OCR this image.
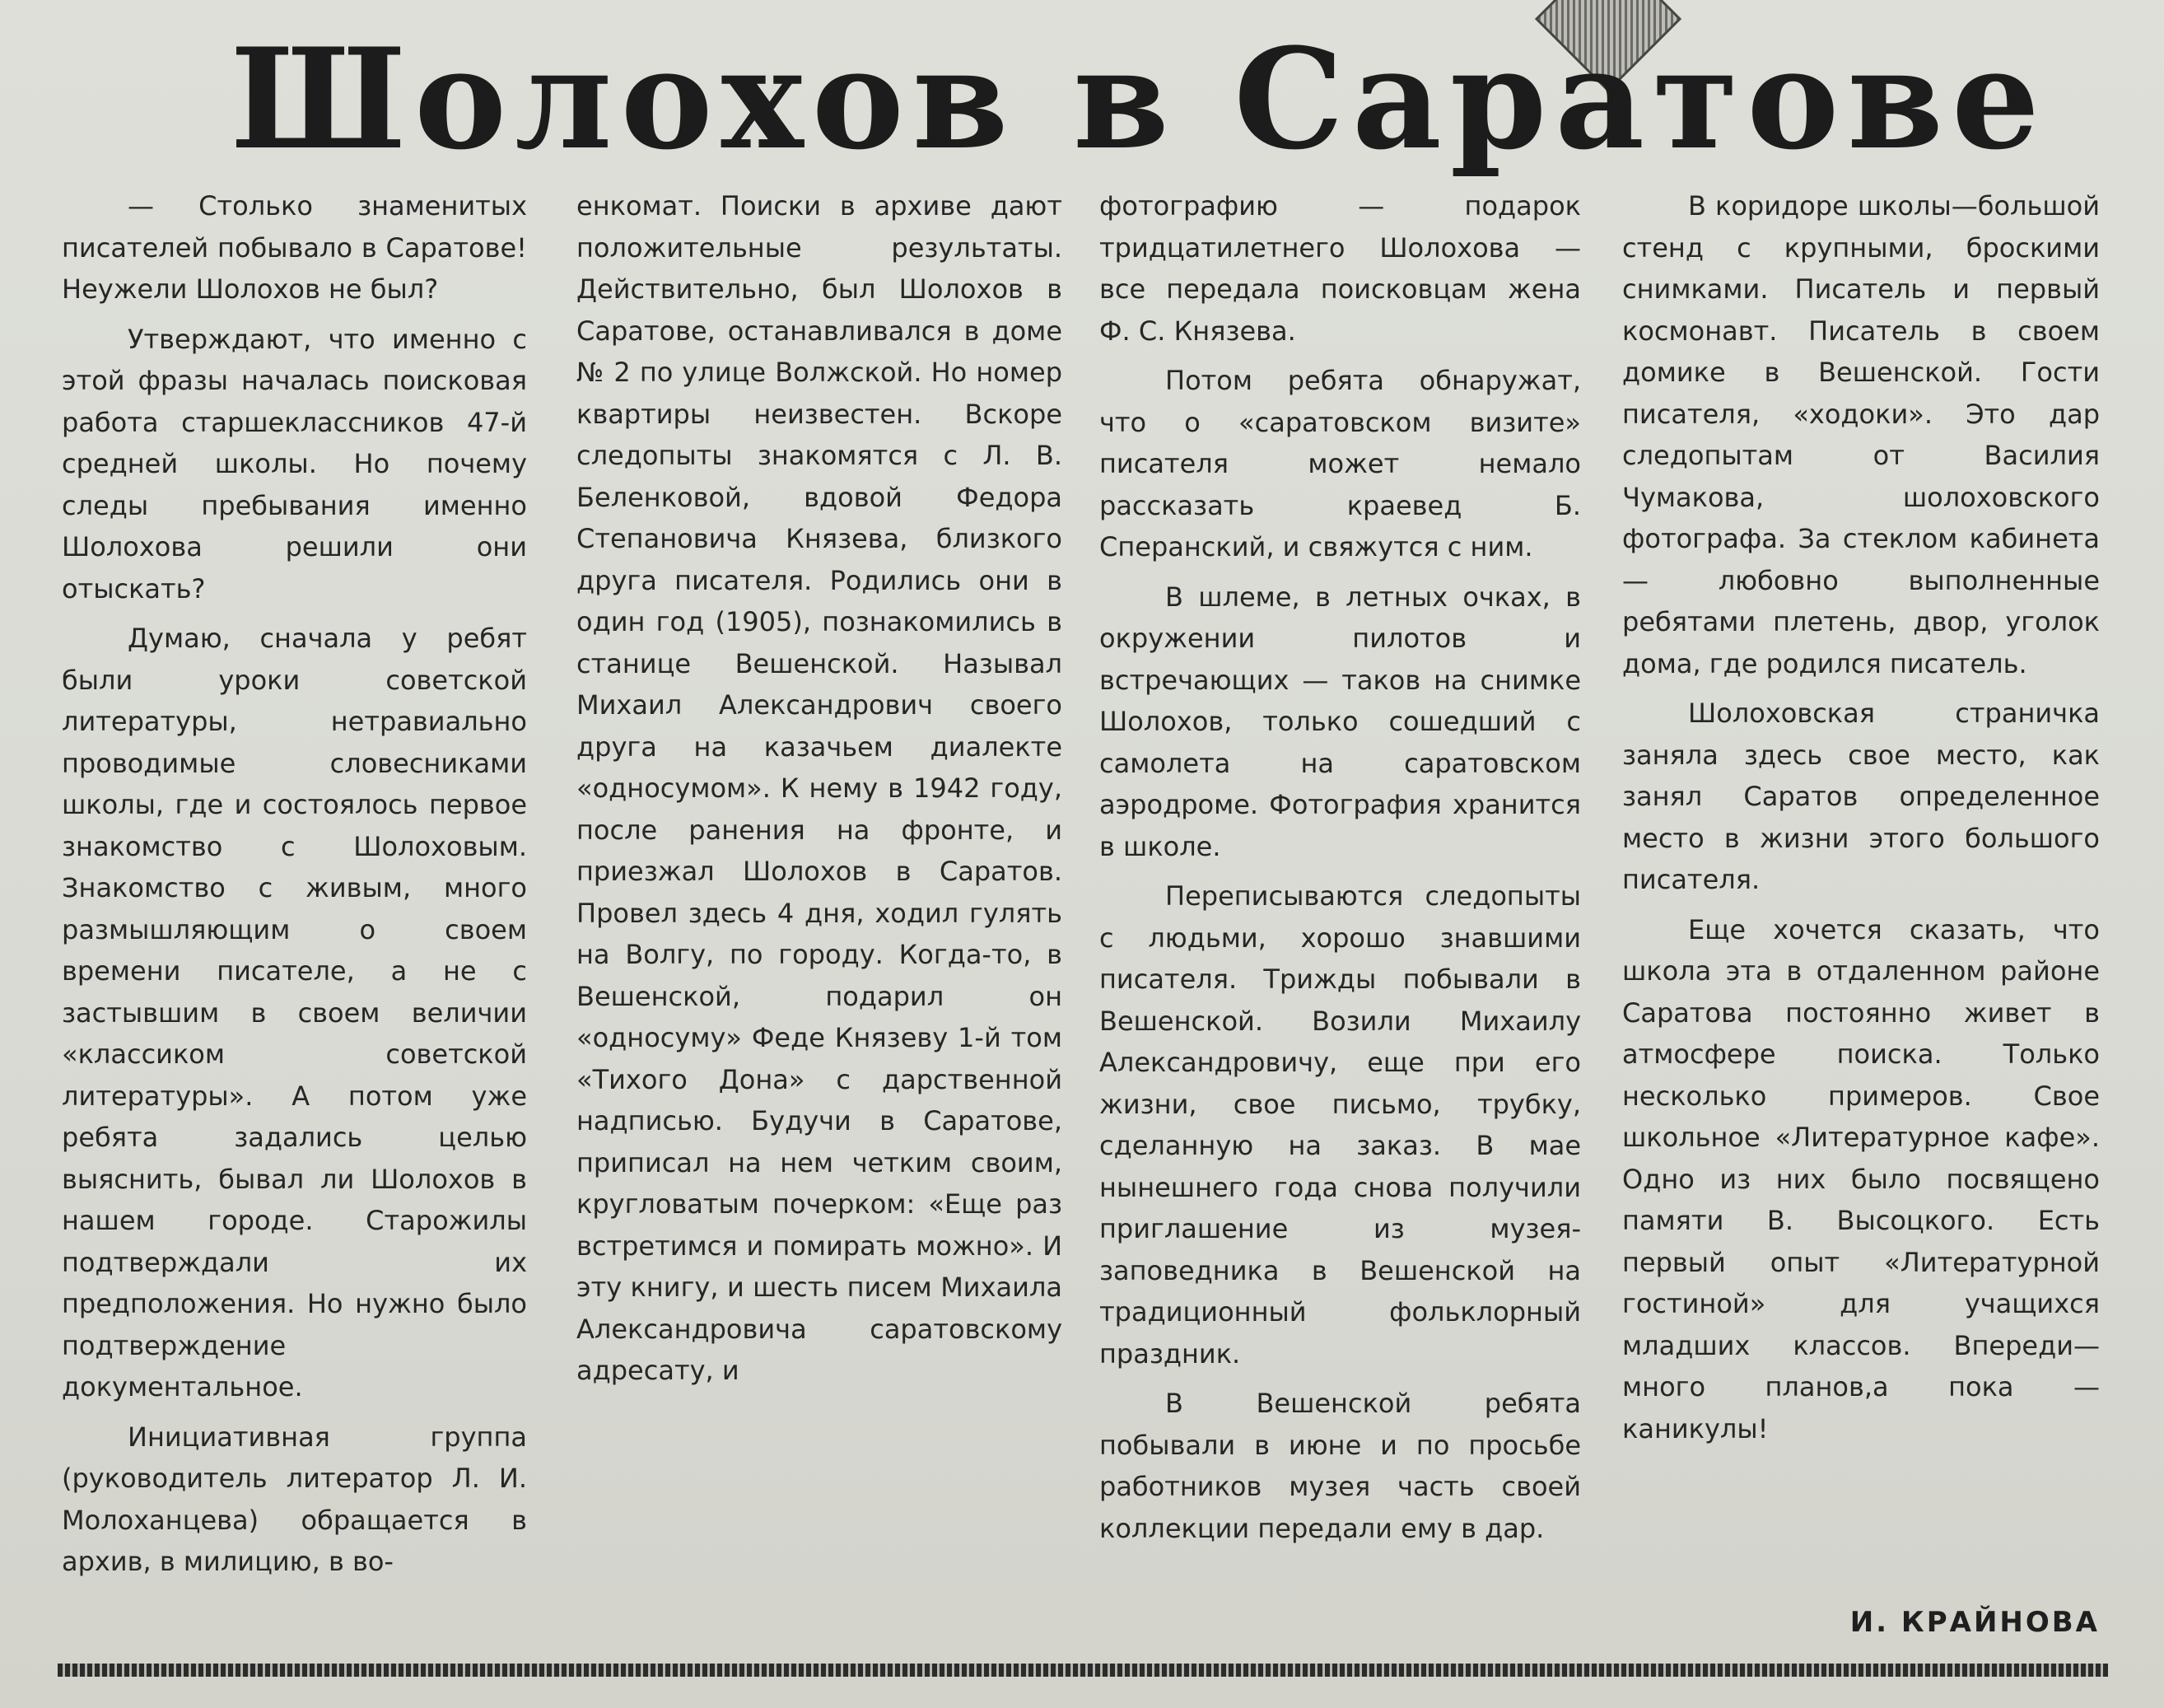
Шолохов в Саратове

— Столько знаменитых писателей побывало в Саратове! Неужели Шолохов не был?

Утверждают, что именно с этой фразы началась поисковая работа старшеклассников 47-й средней школы. Но почему следы пребывания именно Шолохова решили они отыскать?

Думаю, сначала у ребят были уроки советской литературы, нетравиально проводимые словесниками школы, где и состоялось первое знакомство с Шолоховым. Знакомство с живым, много размышляющим о своем времени писателе, а не с застывшим в своем величии «классиком советской литературы». А потом уже ребята задались целью выяснить, бывал ли Шолохов в нашем городе. Старожилы подтверждали их предположения. Но нужно было подтверждение документальное.

Инициативная группа (руководитель литератор Л. И. Молоханцева) обращается в архив, в милицию, в во-

енкомат. Поиски в архиве дают положительные результаты. Действительно, был Шолохов в Саратове, останавливался в доме № 2 по улице Волжской. Но номер квартиры неизвестен. Вскоре следопыты знакомятся с Л. В. Беленковой, вдовой Федора Степановича Князева, близкого друга писателя. Родились они в один год (1905), познакомились в станице Вешенской. Называл Михаил Александрович своего друга на казачьем диалекте «односумом». К нему в 1942 году, после ранения на фронте, и приезжал Шолохов в Саратов. Провел здесь 4 дня, ходил гулять на Волгу, по городу. Когда-то, в Вешенской, подарил он «односуму» Феде Князеву 1-й том «Тихого Дона» с дарственной надписью. Будучи в Саратове, приписал на нем четким своим, кругловатым почерком: «Еще раз встретимся и помирать можно». И эту книгу, и шесть писем Михаила Александровича саратовскому адресату, и

фотографию — подарок тридцатилетнего Шолохова — все передала поисковцам жена Ф. С. Князева.

Потом ребята обнаружат, что о «саратовском визите» писателя может немало рассказать краевед Б. Сперанский, и свяжутся с ним.

В шлеме, в летных очках, в окружении пилотов и встречающих — таков на снимке Шолохов, только сошедший с самолета на саратовском аэродроме. Фотография хранится в школе.

Переписываются следопыты с людьми, хорошо знавшими писателя. Трижды побывали в Вешенской. Возили Михаилу Александровичу, еще при его жизни, свое письмо, трубку, сделанную на заказ. В мае нынешнего года снова получили приглашение из музея-заповедника в Вешенской на традиционный фольклорный праздник.

В Вешенской ребята побывали в июне и по просьбе работников музея часть своей коллекции передали ему в дар.

В коридоре школы—большой стенд с крупными, броскими снимками. Писатель и первый космонавт. Писатель в своем домике в Вешенской. Гости писателя, «ходоки». Это дар следопытам от Василия Чумакова, шолоховского фотографа. За стеклом кабинета — любовно выполненные ребятами плетень, двор, уголок дома, где родился писатель.

Шолоховская страничка заняла здесь свое место, как занял Саратов определенное место в жизни этого большого писателя.

Еще хочется сказать, что школа эта в отдаленном районе Саратова постоянно живет в атмосфере поиска. Только несколько примеров. Свое школьное «Литературное кафе». Одно из них было посвящено памяти В. Высоцкого. Есть первый опыт «Литературной гостиной» для учащихся младших классов. Впереди— много планов,а пока — каникулы!

И. КРАЙНОВА
